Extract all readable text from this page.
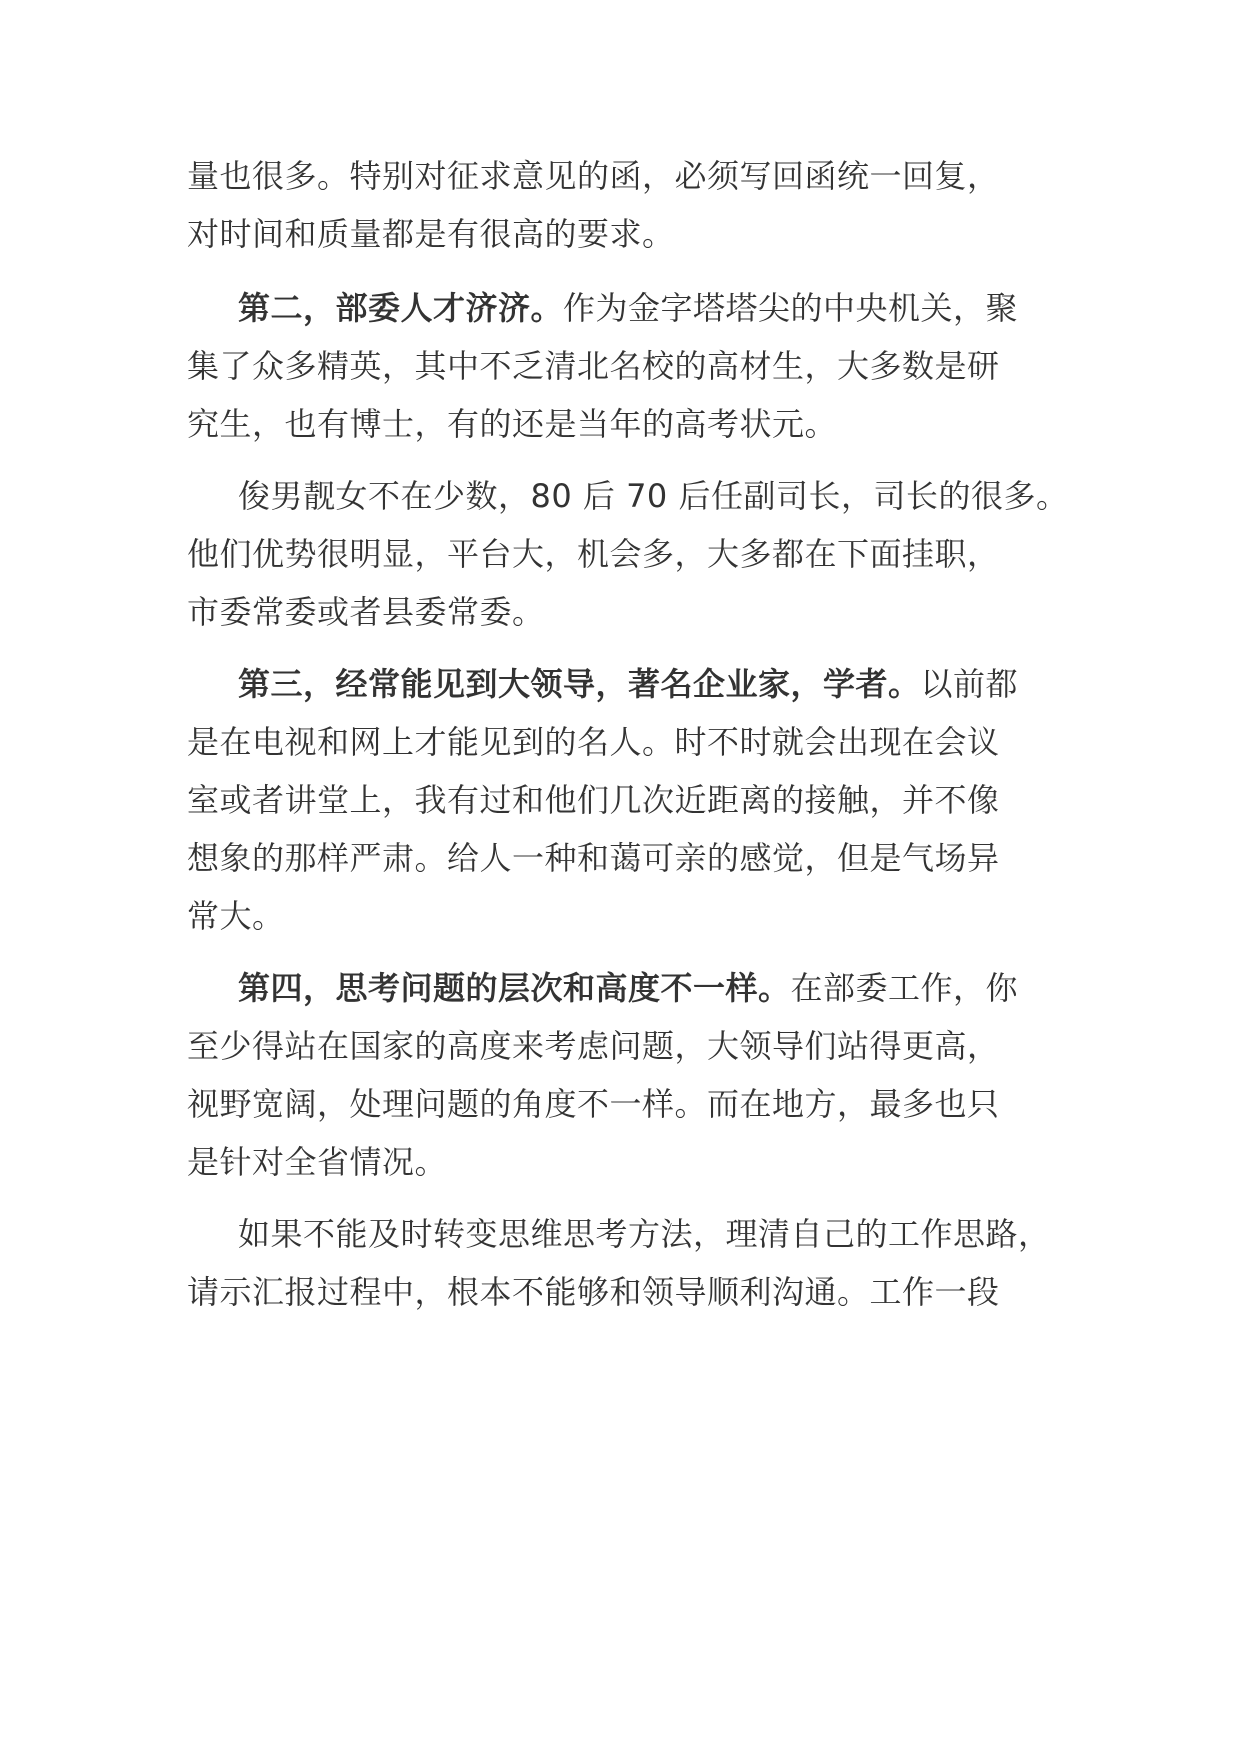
量也很多。特别对征求意见的函，必须写回函统一回复，
对时间和质量都是有很高的要求。
第二，部委人才济济。作为金字塔塔尖的中央机关，聚
集了众多精英，其中不乏清北名校的高材生，大多数是研
究生，也有博士，有的还是当年的高考状元。
俊男靓女不在少数，80 后 70 后任副司长，司长的很多。
他们优势很明显，平台大，机会多，大多都在下面挂职，
市委常委或者县委常委。
第三，经常能见到大领导，著名企业家，学者。以前都
是在电视和网上才能见到的名人。时不时就会出现在会议
室或者讲堂上，我有过和他们几次近距离的接触，并不像
想象的那样严肃。给人一种和蔼可亲的感觉，但是气场异
常大。
第四，思考问题的层次和高度不一样。在部委工作，你
至少得站在国家的高度来考虑问题，大领导们站得更高，
视野宽阔，处理问题的角度不一样。而在地方，最多也只
是针对全省情况。
如果不能及时转变思维思考方法，理清自己的工作思路，
请示汇报过程中，根本不能够和领导顺利沟通。工作一段
